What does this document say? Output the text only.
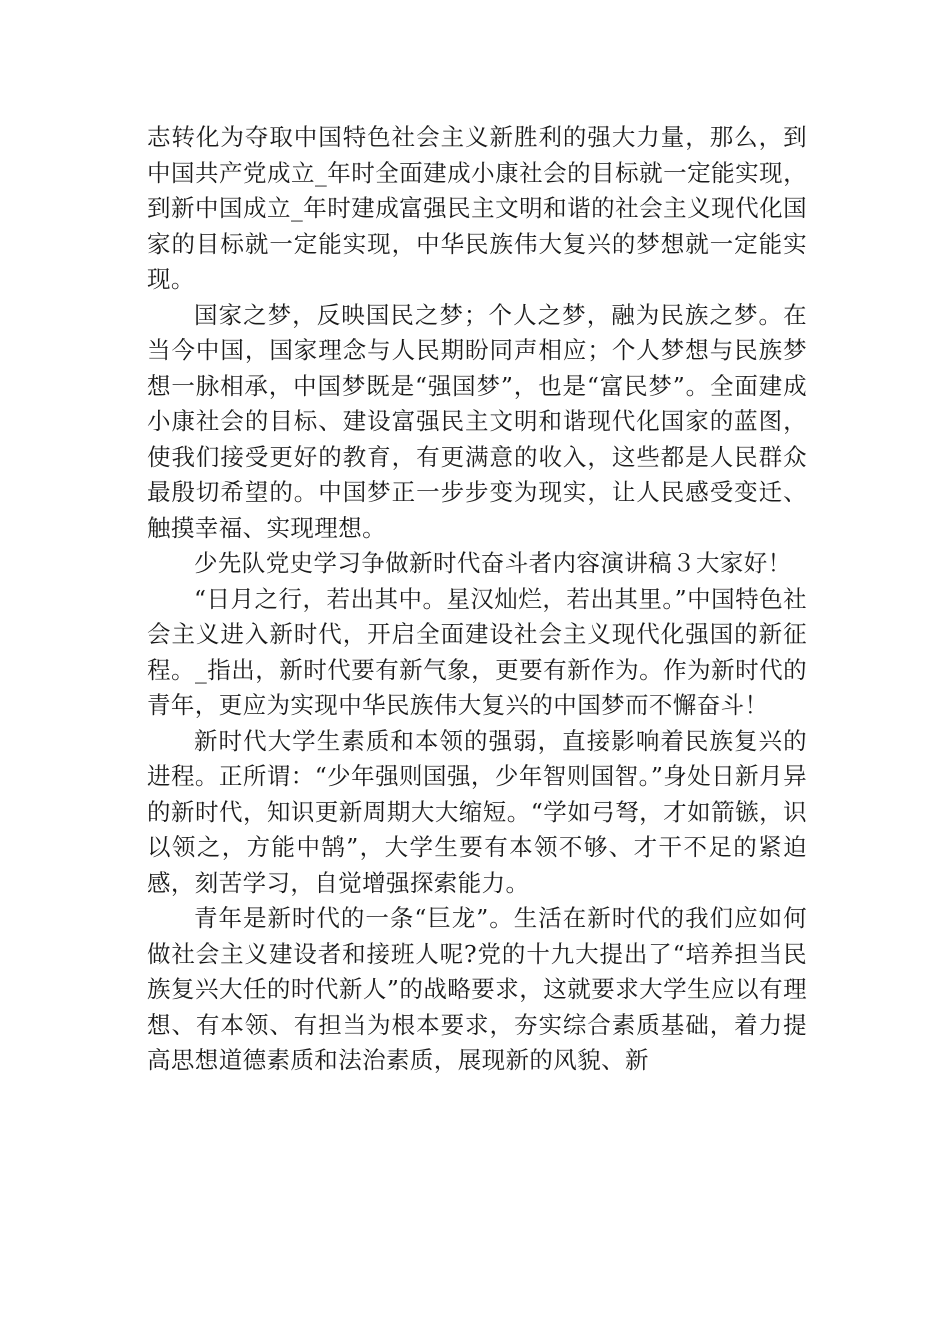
志转化为夺取中国特色社会主义新胜利的强大力量，那么，到中国共产党成立_年时全面建成小康社会的目标就一定能实现，到新中国成立_年时建成富强民主文明和谐的社会主义现代化国家的目标就一定能实现，中华民族伟大复兴的梦想就一定能实现。

国家之梦，反映国民之梦；个人之梦，融为民族之梦。在当今中国，国家理念与人民期盼同声相应；个人梦想与民族梦想一脉相承，中国梦既是“强国梦”，也是“富民梦”。全面建成小康社会的目标、建设富强民主文明和谐现代化国家的蓝图，使我们接受更好的教育，有更满意的收入，这些都是人民群众最殷切希望的。中国梦正一步步变为现实，让人民感受变迁、触摸幸福、实现理想。

少先队党史学习争做新时代奋斗者内容演讲稿３大家好！

“日月之行，若出其中。星汉灿烂，若出其里。”中国特色社会主义进入新时代，开启全面建设社会主义现代化强国的新征程。_指出，新时代要有新气象，更要有新作为。作为新时代的青年，更应为实现中华民族伟大复兴的中国梦而不懈奋斗！

新时代大学生素质和本领的强弱，直接影响着民族复兴的进程。正所谓：“少年强则国强，少年智则国智。”身处日新月异的新时代，知识更新周期大大缩短。“学如弓弩，才如箭镞，识以领之，方能中鹄”，大学生要有本领不够、才干不足的紧迫感，刻苦学习，自觉增强探索能力。

青年是新时代的一条“巨龙”。生活在新时代的我们应如何做社会主义建设者和接班人呢?党的十九大提出了“培养担当民族复兴大任的时代新人”的战略要求，这就要求大学生应以有理想、有本领、有担当为根本要求，夯实综合素质基础，着力提高思想道德素质和法治素质，展现新的风貌、新
